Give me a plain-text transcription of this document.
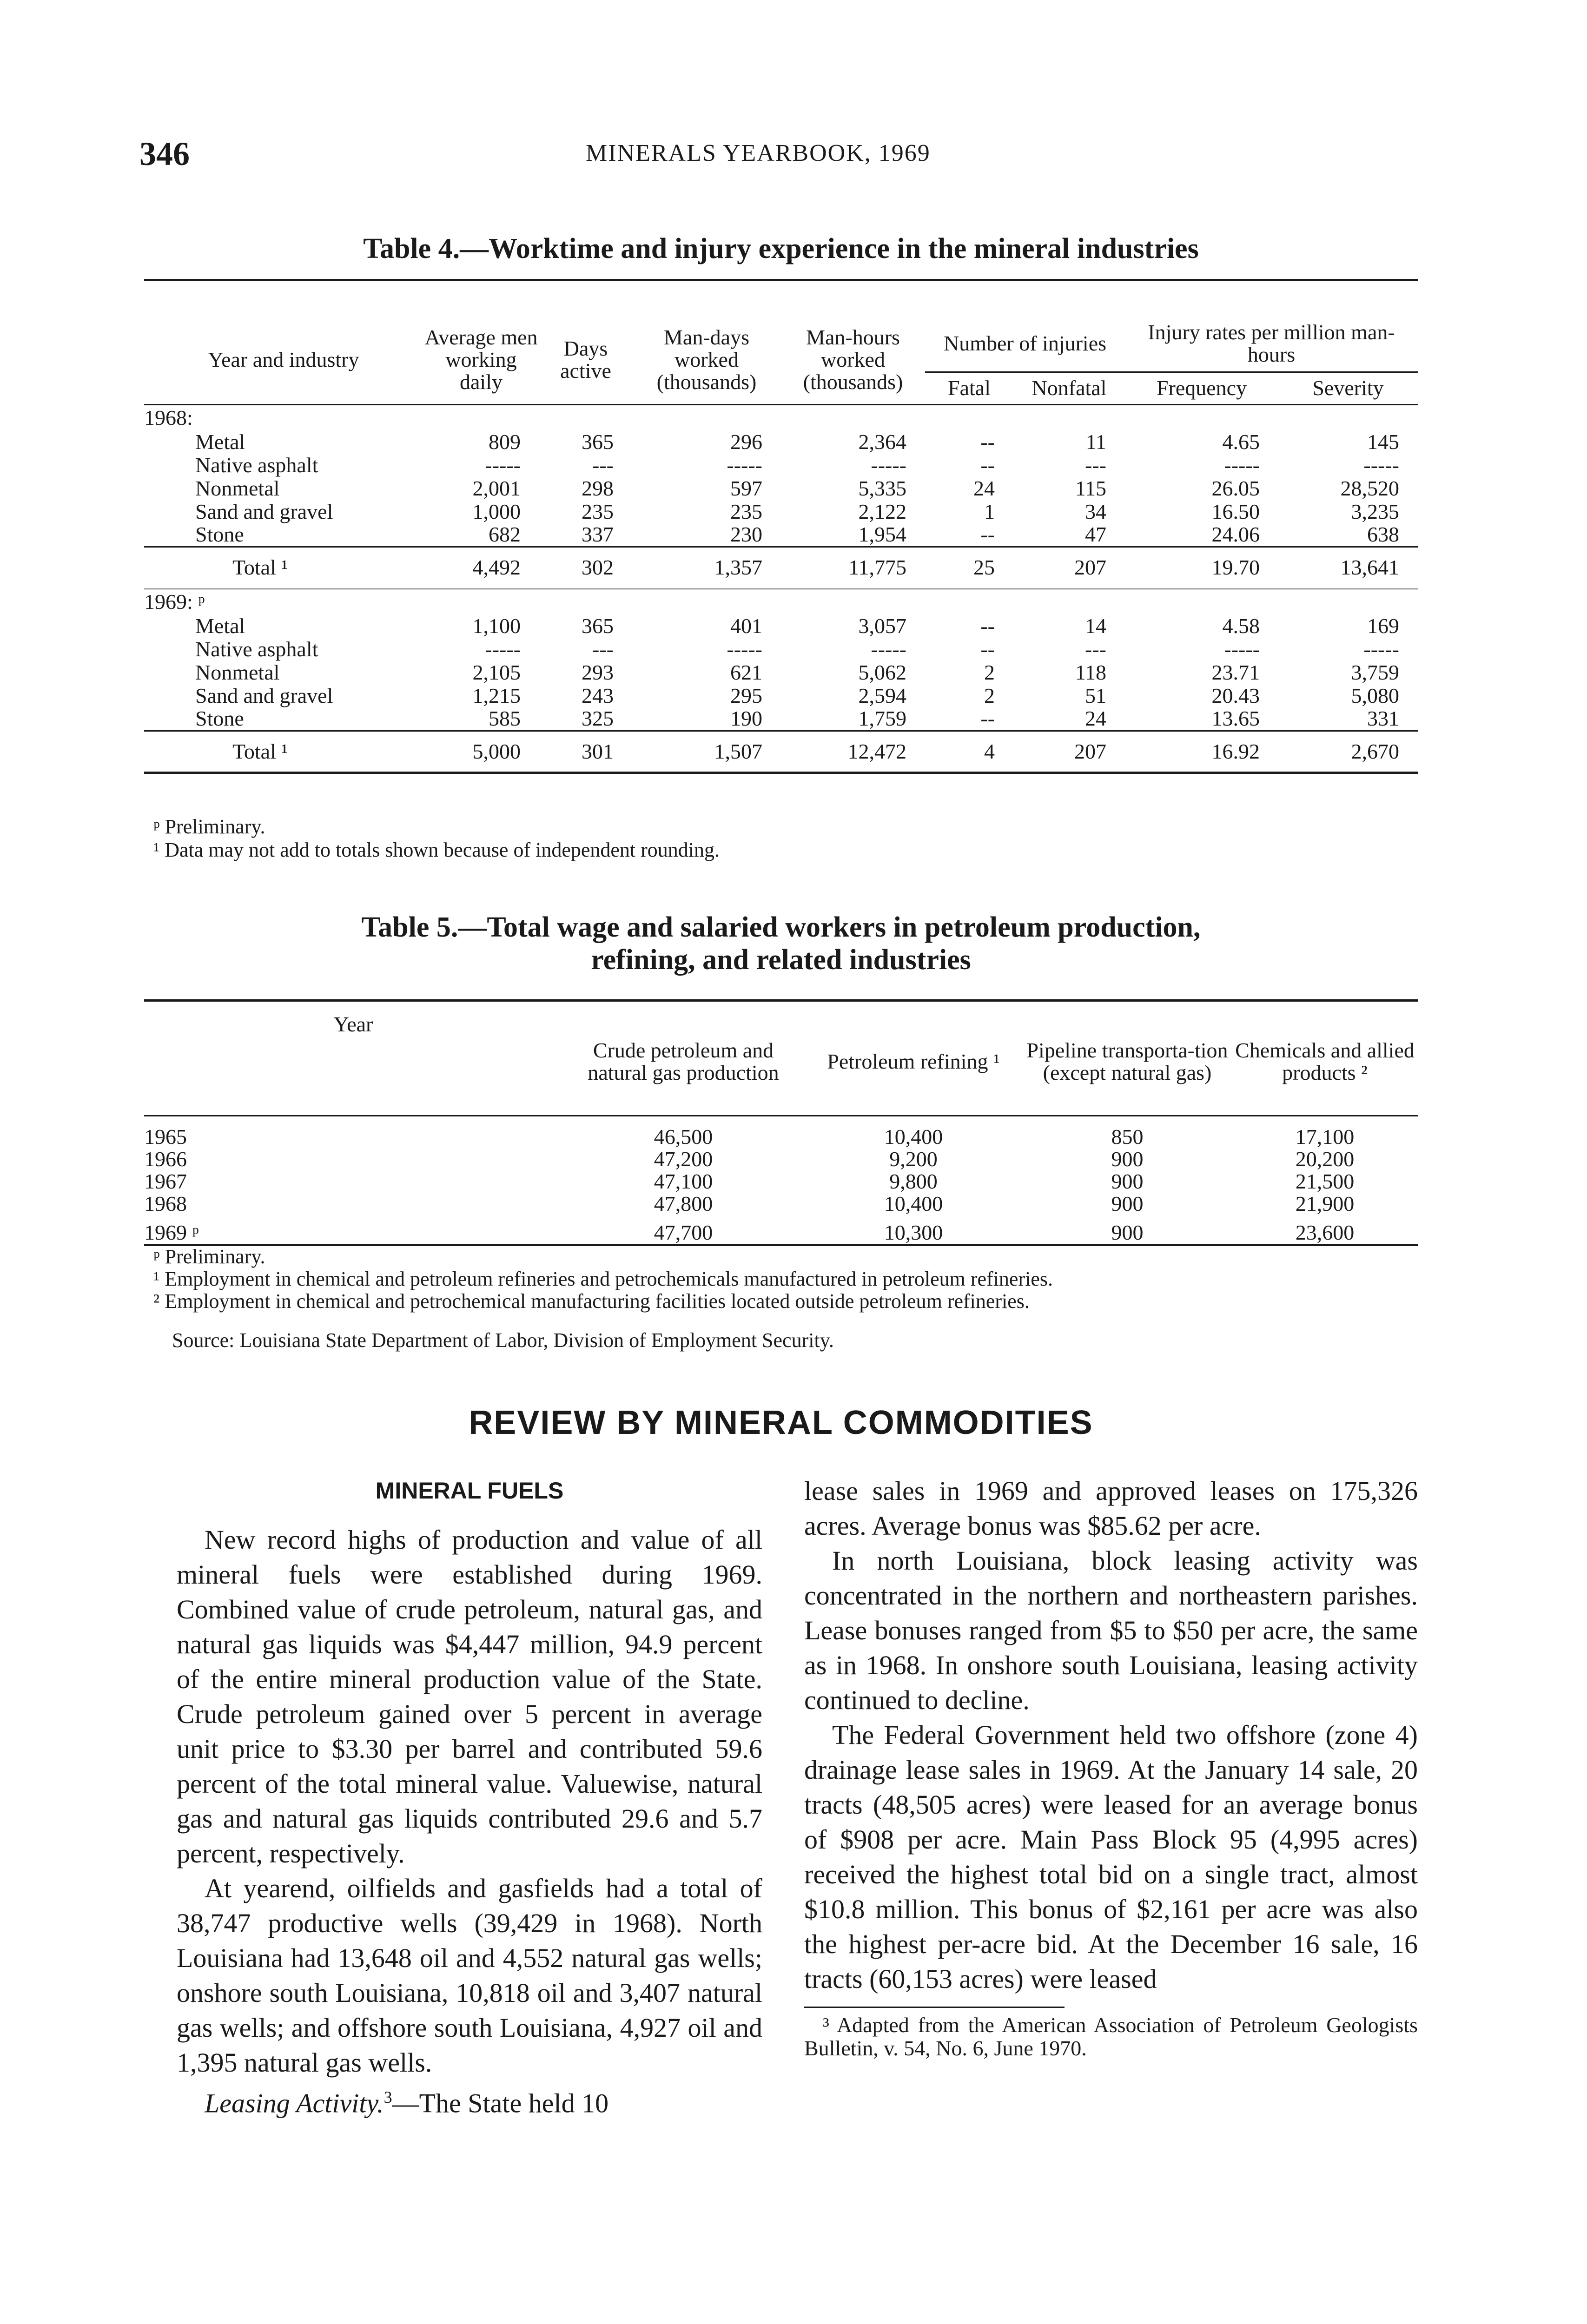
346	MINERALS YEARBOOK, 1969
Table 4.—Worktime and injury experience in the mineral industries
Year and industry	Average men working daily	Days active	Man-days worked (thousands)	Man-hours worked (thousands)	Number of injuries		Injury rates per million man-hours	
					Fatal	Nonfatal	Frequency	Severity
1968:								
Metal	809	365	296	2,364	--	11	4.65	145
Native asphalt	-----	---	-----	-----	--	---	-----	-----
Nonmetal	2,001	298	597	5,335	24	115	26.05	28,520
Sand and gravel	1,000	235	235	2,122	1	34	16.50	3,235
Stone	682	337	230	1,954	--	47	24.06	638
Total ¹	4,492	302	1,357	11,775	25	207	19.70	13,641
1969: ᵖ								
Metal	1,100	365	401	3,057	--	14	4.58	169
Native asphalt	-----	---	-----	-----	--	---	-----	-----
Nonmetal	2,105	293	621	5,062	2	118	23.71	3,759
Sand and gravel	1,215	243	295	2,594	2	51	20.43	5,080
Stone	585	325	190	1,759	--	24	13.65	331
Total ¹	5,000	301	1,507	12,472	4	207	16.92	2,670
ᵖ Preliminary.
¹ Data may not add to totals shown because of independent rounding.
Table 5.—Total wage and salaried workers in petroleum production,
refining, and related industries
Year	Crude petroleum and natural gas production	Petroleum refining ¹	Pipeline transporta-tion (except natural gas)	Chemicals and allied products ²
1965	46,500	10,400	850	17,100
1966	47,200	9,200	900	20,200
1967	47,100	9,800	900	21,500
1968	47,800	10,400	900	21,900
1969 ᵖ	47,700	10,300	900	23,600
ᵖ Preliminary.
¹ Employment in chemical and petroleum refineries and petrochemicals manufactured in petroleum refineries.
² Employment in chemical and petrochemical manufacturing facilities located outside petroleum refineries.
Source: Louisiana State Department of Labor, Division of Employment Security.
REVIEW BY MINERAL COMMODITIES
MINERAL FUELS

New record highs of production and value of all mineral fuels were established during 1969. Combined value of crude petroleum, natural gas, and natural gas liquids was $4,447 million, 94.9 percent of the entire mineral production value of the State. Crude petroleum gained over 5 percent in average unit price to $3.30 per barrel and contributed 59.6 percent of the total mineral value. Valuewise, natural gas and natural gas liquids contributed 29.6 and 5.7 percent, respectively.

At yearend, oilfields and gasfields had a total of 38,747 productive wells (39,429 in 1968). North Louisiana had 13,648 oil and 4,552 natural gas wells; onshore south Louisiana, 10,818 oil and 3,407 natural gas wells; and offshore south Louisiana, 4,927 oil and 1,395 natural gas wells.

Leasing Activity.$^3$—The State held 10

lease sales in 1969 and approved leases on 175,326 acres. Average bonus was $85.62 per acre.

In north Louisiana, block leasing activity was concentrated in the northern and northeastern parishes. Lease bonuses ranged from $5 to $50 per acre, the same as in 1968. In onshore south Louisiana, leasing activity continued to decline.

The Federal Government held two offshore (zone 4) drainage lease sales in 1969. At the January 14 sale, 20 tracts (48,505 acres) were leased for an average bonus of $908 per acre. Main Pass Block 95 (4,995 acres) received the highest total bid on a single tract, almost $10.8 million. This bonus of $2,161 per acre was also the highest per-acre bid. At the December 16 sale, 16 tracts (60,153 acres) were leased

³ Adapted from the American Association of Petroleum Geologists Bulletin, v. 54, No. 6, June 1970.
